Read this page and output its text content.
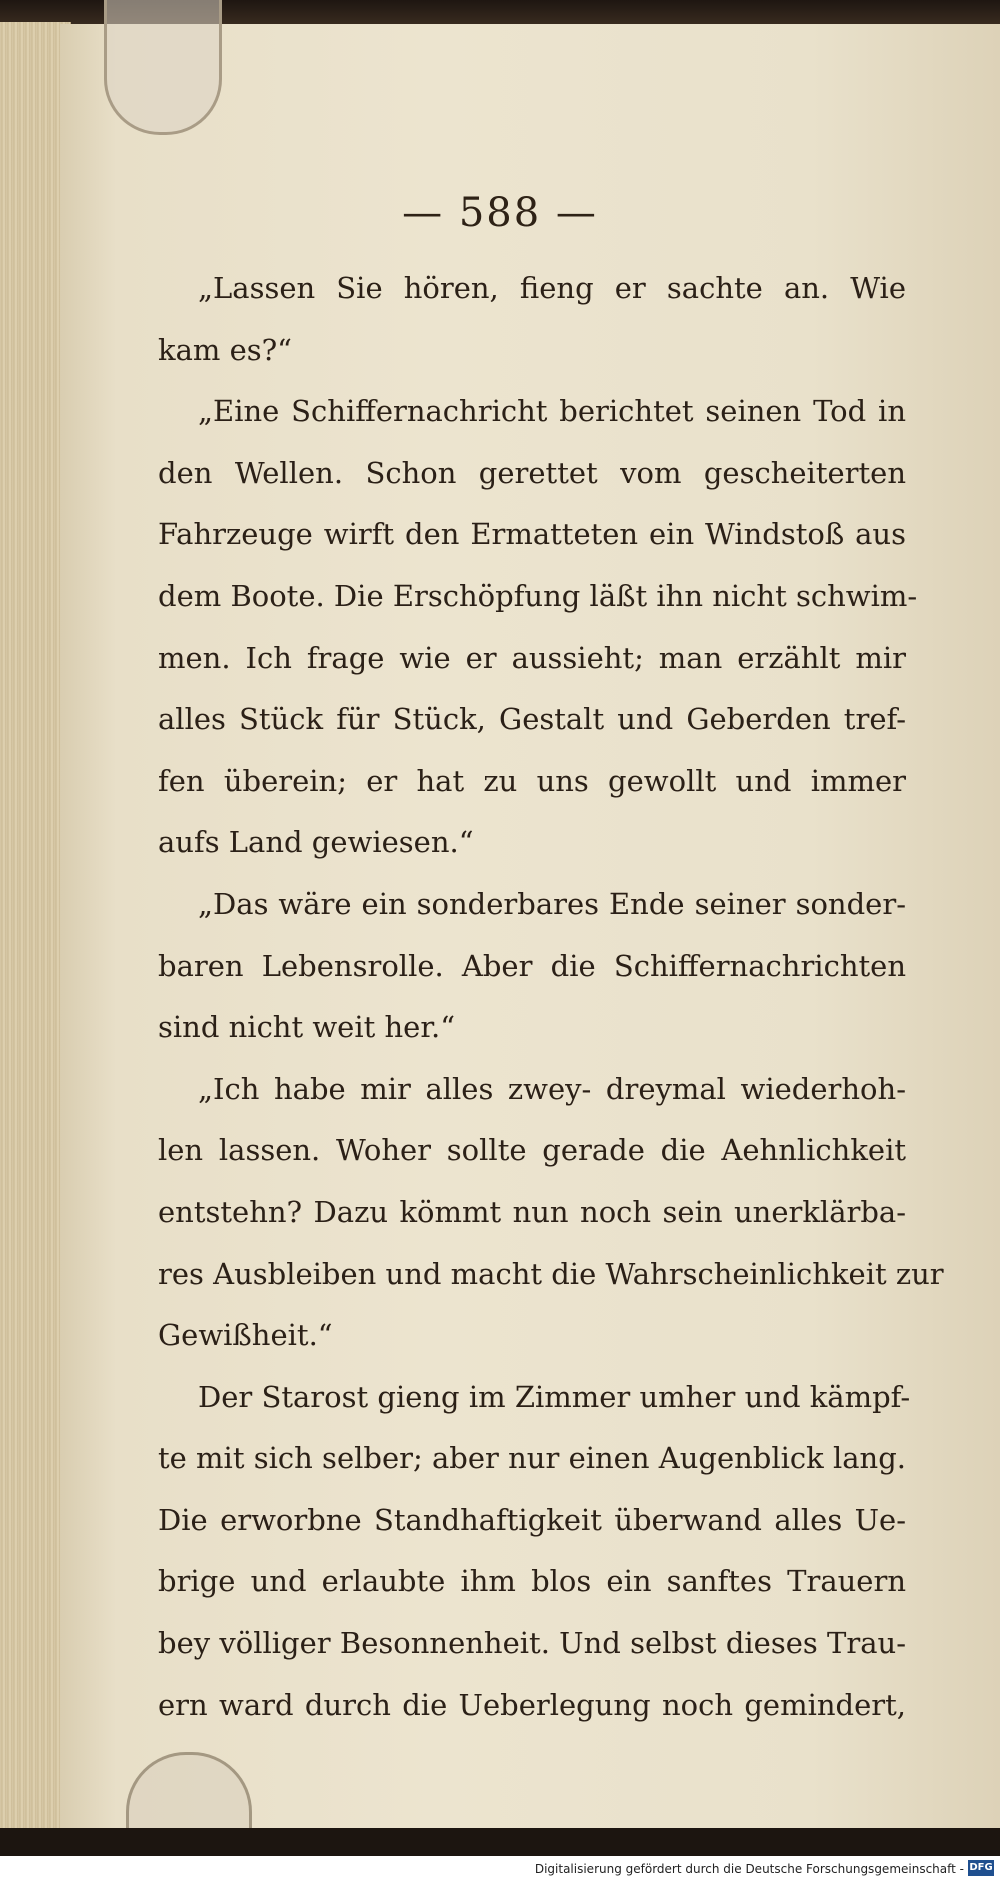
— 588 —
„Lassen Sie hören, fieng er sachte an. Wie
kam es?“
„Eine Schiffernachricht berichtet seinen Tod in
den Wellen. Schon gerettet vom gescheiterten
Fahrzeuge wirft den Ermatteten ein Windstoß aus
dem Boote. Die Erschöpfung läßt ihn nicht schwim-
men. Ich frage wie er aussieht; man erzählt mir
alles Stück für Stück, Gestalt und Geberden tref-
fen überein; er hat zu uns gewollt und immer
aufs Land gewiesen.“
„Das wäre ein sonderbares Ende seiner sonder-
baren Lebensrolle. Aber die Schiffernachrichten
sind nicht weit her.“
„Ich habe mir alles zwey- dreymal wiederhoh-
len lassen. Woher sollte gerade die Aehnlichkeit
entstehn? Dazu kömmt nun noch sein unerklärba-
res Ausbleiben und macht die Wahrscheinlichkeit zur
Gewißheit.“
Der Starost gieng im Zimmer umher und kämpf-
te mit sich selber; aber nur einen Augenblick lang.
Die erworbne Standhaftigkeit überwand alles Ue-
brige und erlaubte ihm blos ein sanftes Trauern
bey völliger Besonnenheit. Und selbst dieses Trau-
ern ward durch die Ueberlegung noch gemindert,
Digitalisierung gefördert durch die Deutsche Forschungsgemeinschaft - DFG
